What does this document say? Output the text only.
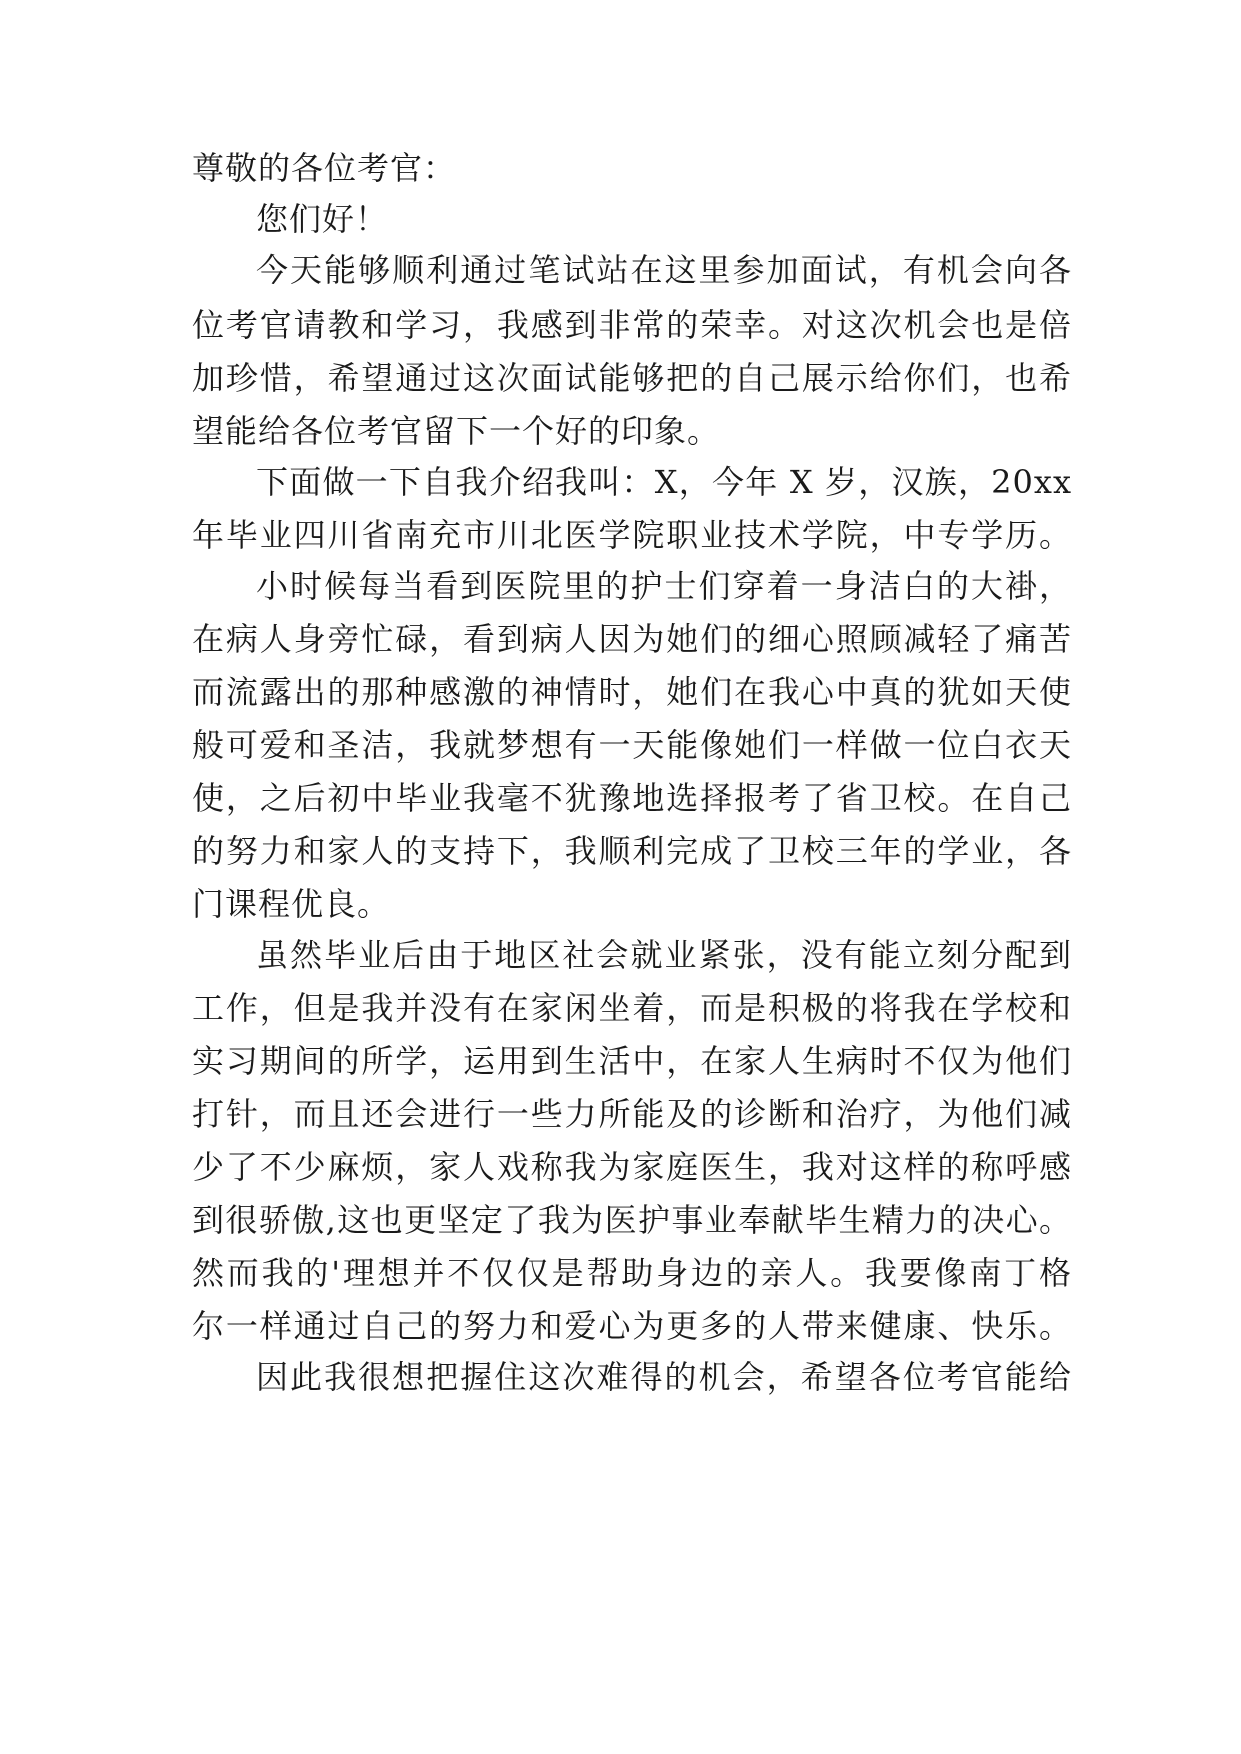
尊敬的各位考官：
您们好！
今天能够顺利通过笔试站在这里参加面试，有机会向各
位考官请教和学习，我感到非常的荣幸。对这次机会也是倍
加珍惜，希望通过这次面试能够把的自己展示给你们，也希
望能给各位考官留下一个好的印象。
下面做一下自我介绍我叫：X，今年 X 岁，汉族，20xx
年毕业四川省南充市川北医学院职业技术学院，中专学历。
小时候每当看到医院里的护士们穿着一身洁白的大褂，
在病人身旁忙碌，看到病人因为她们的细心照顾减轻了痛苦
而流露出的那种感激的神情时，她们在我心中真的犹如天使
般可爱和圣洁，我就梦想有一天能像她们一样做一位白衣天
使，之后初中毕业我毫不犹豫地选择报考了省卫校。在自己
的努力和家人的支持下，我顺利完成了卫校三年的学业，各
门课程优良。
虽然毕业后由于地区社会就业紧张，没有能立刻分配到
工作，但是我并没有在家闲坐着，而是积极的将我在学校和
实习期间的所学，运用到生活中，在家人生病时不仅为他们
打针，而且还会进行一些力所能及的诊断和治疗，为他们减
少了不少麻烦，家人戏称我为家庭医生，我对这样的称呼感
到很骄傲,这也更坚定了我为医护事业奉献毕生精力的决心。
然而我的'理想并不仅仅是帮助身边的亲人。我要像南丁格
尔一样通过自己的努力和爱心为更多的人带来健康、快乐。
因此我很想把握住这次难得的机会，希望各位考官能给
